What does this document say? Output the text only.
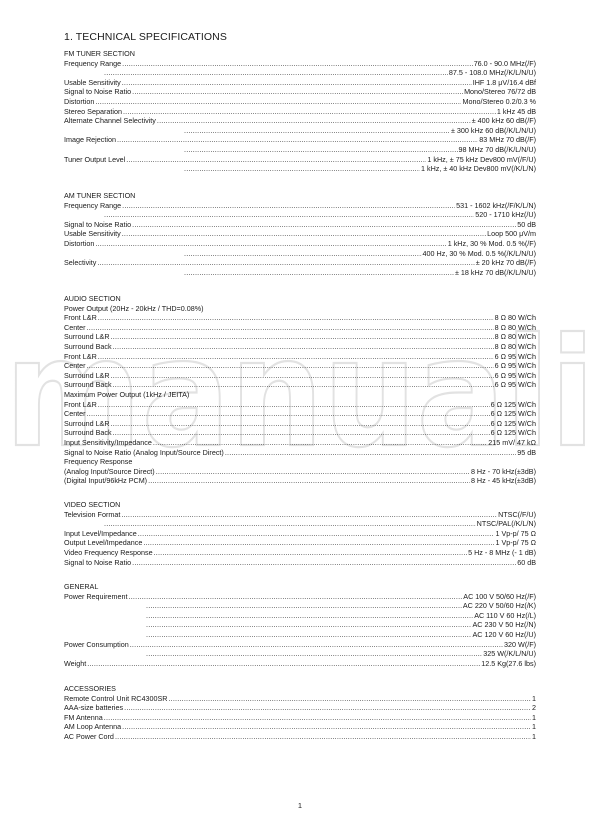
manuali
1. TECHNICAL SPECIFICATIONS
FM TUNER SECTION
Frequency Range .....	76.0 - 90.0 MHz(/F)
.....
87.5 - 108.0 MHz(/K/L/N/U)
Usable Sensitivity .....	IHF 1.8 μV/16.4 dBf
Signal to Noise Ratio .....	Mono/Stereo 76/72 dB
Distortion .....	Mono/Stereo 0.2/0.3 %
Stereo Separation .....	1 kHz 45 dB
Alternate Channel Selectivity .....	± 400 kHz 60 dB(/F)
.....
± 300 kHz 60 dB(/K/L/N/U)
Image Rejection .....	83 MHz 70 dB(/F)
.....
98 MHz 70 dB(/K/L/N/U)
Tuner Output Level .....	1 kHz, ± 75 kHz Dev800 mV(/F/U)
.....
1 kHz, ± 40 kHz Dev800 mV(/K/L/N)
AM TUNER SECTION
Frequency Range .....	531 - 1602 kHz(/F/K/L/N)
.....
520 - 1710 kHz(/U)
Signal to Noise Ratio .....	50 dB
Usable Sensitivity .....	Loop 500 μV/m
Distortion .....	1 kHz, 30 % Mod. 0.5 %(/F)
.....
400 Hz, 30 % Mod. 0.5 %(/K/L/N/U)
Selectivity .....	± 20 kHz 70 dB(/F)
.....
± 18 kHz 70 dB(/K/L/N/U)
AUDIO SECTION
Power Output (20Hz - 20kHz / THD=0.08%)
Front L&R .....	8 Ω 80 W/Ch
Center .....	8 Ω 80 W/Ch
Surround L&R .....	8 Ω 80 W/Ch
Surround Back .....	8 Ω 80 W/Ch
Front L&R .....	6 Ω 95 W/Ch
Center .....	6 Ω 95 W/Ch
Surround L&R .....	6 Ω 95 W/Ch
Surround Back .....	6 Ω 95 W/Ch
Maximum Power Output (1kHz / JEITA)
Front L&R .....	6 Ω 125 W/Ch
Center .....	6 Ω 125 W/Ch
Surround L&R .....	6 Ω 125 W/Ch
Surround Back .....	6 Ω 125 W/Ch
Input Sensitivity/Impedance .....	215 mV/ 47 kΩ
Signal to Noise Ratio (Analog Input/Source Direct) .....	95 dB
Frequency Response
(Analog Input/Source Direct) .....	8 Hz - 70 kHz(±3dB)
(Digital Input/96kHz PCM) .....	8 Hz - 45 kHz(±3dB)
VIDEO SECTION
Television Format .....	NTSC(/F/U)
.....
NTSC/PAL(/K/L/N)
Input Level/Impedance .....	1 Vp-p/ 75 Ω
Output Level/Impedance .....	1 Vp-p/ 75 Ω
Video Frequency Response .....	5 Hz - 8 MHz (- 1 dB)
Signal to Noise Ratio .....	60 dB
GENERAL
Power Requirement .....	AC 100 V 50/60 Hz(/F)
.....
AC 220 V 50/60 Hz(/K)
.....
AC 110 V 60 Hz(/L)
.....
AC 230 V 50 Hz(/N)
.....
AC 120 V 60 Hz(/U)
Power Consumption .....	320 W(/F)
.....
325 W(/K/L/N/U)
Weight .....	12.5 Kg(27.6 lbs)
ACCESSORIES
Remote Control Unit RC4300SR .....	1
AAA-size batteries .....	2
FM Antenna .....	1
AM Loop Antenna .....	1
AC Power Cord .....	1
1
